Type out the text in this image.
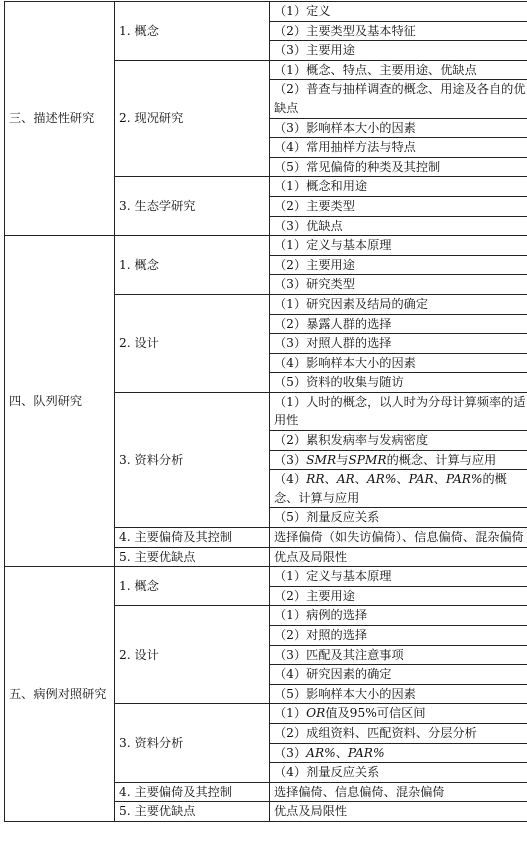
三、描述性研究	1. 概念	（1）定义
		（2）主要类型及基本特征
		（3）主要用途
	2. 现况研究	（1）概念、特点、主要用途、优缺点
		（2）普查与抽样调查的概念、用途及各自的优缺点
		（3）影响样本大小的因素
		（4）常用抽样方法与特点
		（5）常见偏倚的种类及其控制
	3. 生态学研究	（1）概念和用途
		（2）主要类型
		（3）优缺点
四、队列研究	1. 概念	（1）定义与基本原理
		（2）主要用途
		（3）研究类型
	2. 设计	（1）研究因素及结局的确定
		（2）暴露人群的选择
		（3）对照人群的选择
		（4）影响样本大小的因素
		（5）资料的收集与随访
	3. 资料分析	（1）人时的概念，以人时为分母计算频率的适用性
		（2）累积发病率与发病密度
		（3）SMR与SPMR的概念、计算与应用
		（4）RR、AR、AR%、PAR、PAR%的概念、计算与应用
		（5）剂量反应关系
	4. 主要偏倚及其控制	选择偏倚（如失访偏倚）、信息偏倚、混杂偏倚
	5. 主要优缺点	优点及局限性
五、病例对照研究	1. 概念	（1）定义与基本原理
		（2）主要用途
	2. 设计	（1）病例的选择
		（2）对照的选择
		（3）匹配及其注意事项
		（4）研究因素的确定
		（5）影响样本大小的因素
	3. 资料分析	（1）OR值及95%可信区间
		（2）成组资料、匹配资料、分层分析
		（3）AR%、PAR%
		（4）剂量反应关系
	4. 主要偏倚及其控制	选择偏倚、信息偏倚、混杂偏倚
	5. 主要优缺点	优点及局限性
